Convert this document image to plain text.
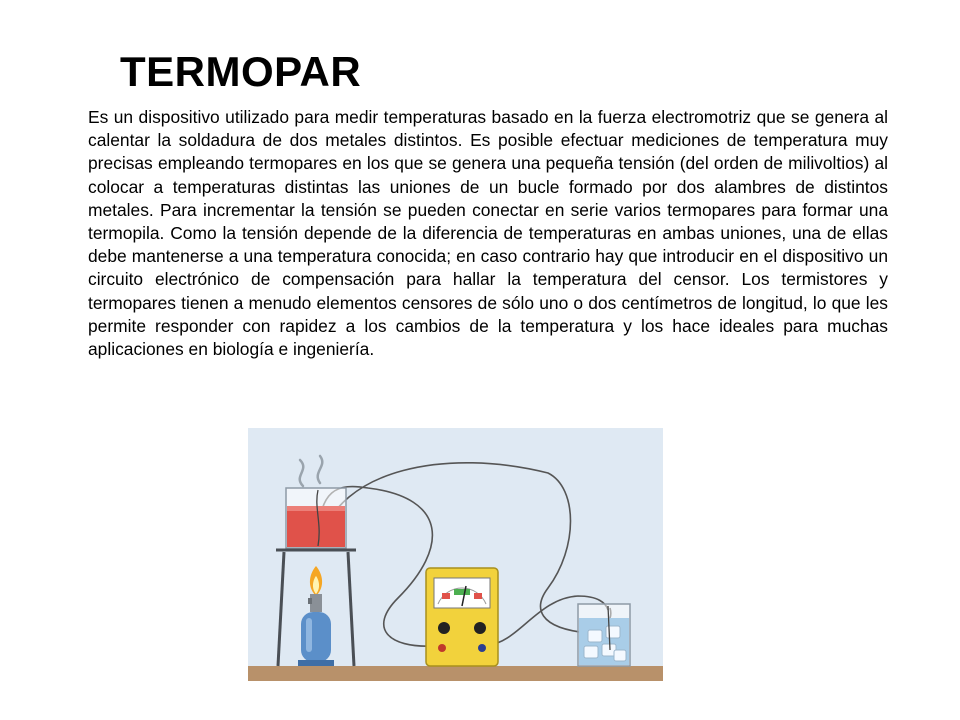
TERMOPAR
Es un dispositivo utilizado para medir temperaturas basado en la fuerza electromotriz que se genera al calentar la soldadura de dos metales distintos. Es posible efectuar mediciones de temperatura muy precisas empleando termopares en los que se genera una pequeña tensión (del orden de milivoltios) al colocar a temperaturas distintas las uniones de un bucle formado por dos alambres de distintos metales. Para incrementar la tensión se pueden conectar en serie varios termopares para formar una termopila. Como la tensión depende de la diferencia de temperaturas en ambas uniones, una de ellas debe mantenerse a una temperatura conocida; en caso contrario hay que introducir en el dispositivo un circuito electrónico de compensación para hallar la temperatura del censor. Los termistores y termopares tienen a menudo elementos censores de sólo uno o dos centímetros de longitud, lo que les permite responder con rapidez a los cambios de la temperatura y los hace ideales para muchas aplicaciones en biología e ingeniería.
